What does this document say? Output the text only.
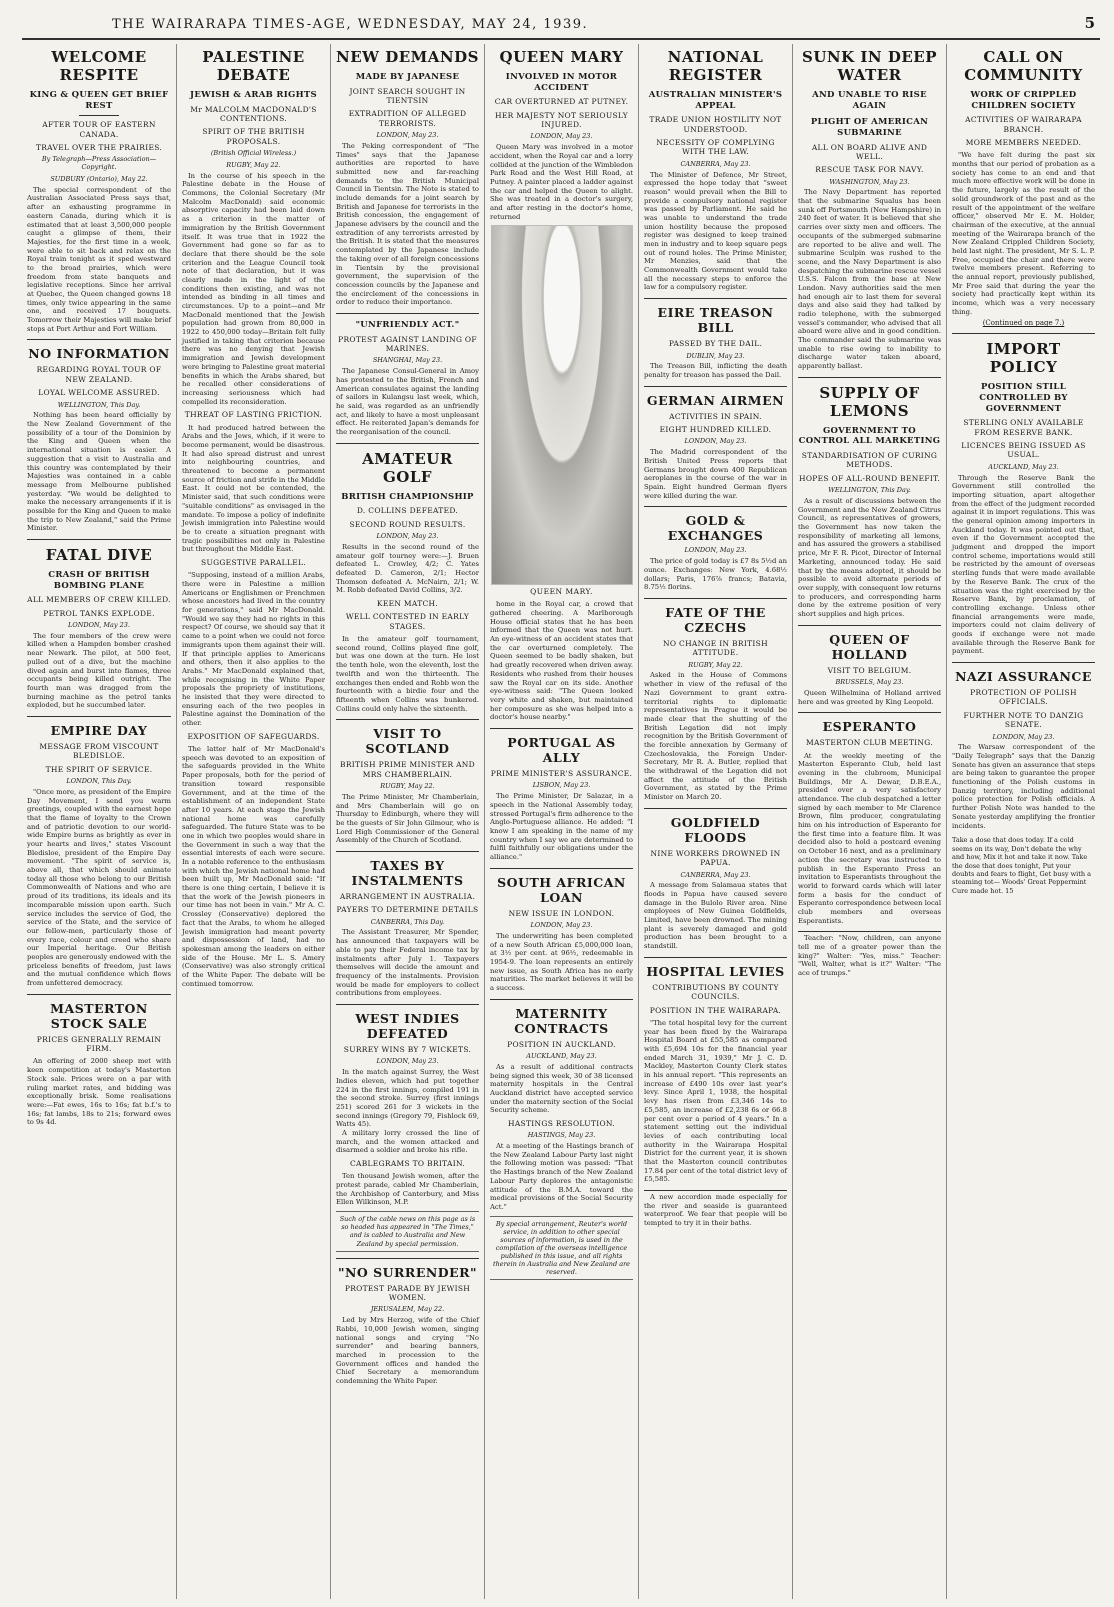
THE WAIRARAPA TIMES-AGE, WEDNESDAY, MAY 24, 1939.	5
WELCOME RESPITE
KING & QUEEN GET BRIEF REST
AFTER TOUR OF EASTERN CANADA.
TRAVEL OVER THE PRAIRIES.
By Telegraph—Press Association—Copyright.
SUDBURY (Ontario), May 22.

The special correspondent of the Australian Associated Press says that, after an exhausting programme in eastern Canada, during which it is estimated that at least 3,500,000 people caught a glimpse of them, their Majesties, for the first time in a week, were able to sit back and relax on the Royal train tonight as it sped westward to the broad prairies, which were freedom from state banquets and legislative receptions. Since her arrival at Quebec, the Queen changed gowns 18 times, only twice appearing in the same one, and received 17 bouquets. Tomorrow their Majesties will make brief stops at Port Arthur and Fort William.

NO INFORMATION
REGARDING ROYAL TOUR OF NEW ZEALAND.
LOYAL WELCOME ASSURED.
WELLINGTON, This Day.

Nothing has been heard officially by the New Zealand Government of the possibility of a tour of the Dominion by the King and Queen when the international situation is easier. A suggestion that a visit to Australia and this country was contemplated by their Majesties was contained in a cable message from Melbourne published yesterday. "We would be delighted to make the necessary arrangements if it is possible for the King and Queen to make the trip to New Zealand," said the Prime Minister.

FATAL DIVE
CRASH OF BRITISH BOMBING PLANE
ALL MEMBERS OF CREW KILLED.
PETROL TANKS EXPLODE.
LONDON, May 23.

The four members of the crew were killed when a Hampden bomber crashed near Newark. The pilot, at 500 feet, pulled out of a dive, but the machine dived again and burst into flames, three occupants being killed outright. The fourth man was dragged from the burning machine as the petrol tanks exploded, but he succumbed later.

EMPIRE DAY
MESSAGE FROM VISCOUNT BLEDISLOE.
THE SPIRIT OF SERVICE.
LONDON, This Day.

"Once more, as president of the Empire Day Movement, I send you warm greetings, coupled with the earnest hope that the flame of loyalty to the Crown and of patriotic devotion to our world-wide Empire burns as brightly as ever in your hearts and lives," states Viscount Bledisloe, president of the Empire Day movement. "The spirit of service is, above all, that which should animate today all those who belong to our British Commonwealth of Nations and who are proud of its traditions, its ideals and its incomparable mission upon earth. Such service includes the service of God, the service of the State, and the service of our fellow-men, particularly those of every race, colour and creed who share our Imperial heritage. Our British peoples are generously endowed with the priceless benefits of freedom, just laws and the mutual confidence which flows from unfettered democracy.

MASTERTON STOCK SALE
PRICES GENERALLY REMAIN FIRM.

An offering of 2000 sheep met with keen competition at today's Masterton Stock sale. Prices were on a par with ruling market rates, and bidding was exceptionally brisk. Some realisations were:—Fat ewes, 16s to 16s; fat b.f.'s to 16s; fat lambs, 18s to 21s; forward ewes to 9s 4d.

PALESTINE DEBATE
JEWISH & ARAB RIGHTS
Mr MALCOLM MACDONALD'S CONTENTIONS.
SPIRIT OF THE BRITISH PROPOSALS.
(British Official Wireless.)
RUGBY, May 22.

In the course of his speech in the Palestine debate in the House of Commons, the Colonial Secretary (Mr Malcolm MacDonald) said economic absorptive capacity had been laid down as a criterion in the matter of immigration by the British Government itself. It was true that in 1922 the Government had gone so far as to declare that there should be the sole criterion and the League Council took note of that declaration, but it was clearly made in the light of the conditions then existing, and was not intended as binding in all times and circumstances. Up to a point—and Mr MacDonald mentioned that the Jewish population had grown from 80,000 in 1922 to 450,000 today—Britain felt fully justified in taking that criterion because there was no denying that Jewish immigration and Jewish development were bringing to Palestine great material benefits in which the Arabs shared, but he recalled other considerations of increasing seriousness which had compelled its reconsideration.

THREAT OF LASTING FRICTION.

It had produced hatred between the Arabs and the Jews, which, if it were to become permanent, would be disastrous. It had also spread distrust and unrest into neighbouring countries, and threatened to become a permanent source of friction and strife in the Middle East. It could not be contended, the Minister said, that such conditions were "suitable conditions" as envisaged in the mandate. To impose a policy of indefinite Jewish immigration into Palestine would be to create a situation pregnant with tragic possibilities not only in Palestine but throughout the Middle East.

SUGGESTIVE PARALLEL.

"Supposing, instead of a million Arabs, there were in Palestine a million Americans or Englishmen or Frenchmen whose ancestors had lived in the country for generations," said Mr MacDonald. "Would we say they had no rights in this respect? Of course, we should say that it came to a point when we could not force immigrants upon them against their will. If that principle applies to Americans and others, then it also applies to the Arabs." Mr MacDonald explained that, while recognising in the White Paper proposals the propriety of institutions, he insisted that they were directed to ensuring each of the two peoples in Palestine against the Domination of the other.

EXPOSITION OF SAFEGUARDS.

The latter half of Mr MacDonald's speech was devoted to an exposition of the safeguards provided in the White Paper proposals, both for the period of transition toward responsible Government, and at the time of the establishment of an independent State after 10 years. At each stage the Jewish national home was carefully safeguarded. The future State was to be one in which two peoples would share in the Government in such a way that the essential interests of each were secure. In a notable reference to the enthusiasm with which the Jewish national home had been built up, Mr MacDonald said: "If there is one thing certain, I believe it is that the work of the Jewish pioneers in our time has not been in vain." Mr A. C. Crossley (Conservative) deplored the fact that the Arabs, to whom he alleged Jewish immigration had meant poverty and dispossession of land, had no spokesman among the leaders on either side of the House. Mr L. S. Amery (Conservative) was also strongly critical of the White Paper. The debate will be continued tomorrow.

NEW DEMANDS
MADE BY JAPANESE
JOINT SEARCH SOUGHT IN TIENTSIN
EXTRADITION OF ALLEGED TERRORISTS.
LONDON, May 23.

The Peking correspondent of "The Times" says that the Japanese authorities are reported to have submitted new and far-reaching demands to the British Municipal Council in Tientsin. The Note is stated to include demands for a joint search by British and Japanese for terrorists in the British concession, the engagement of Japanese advisers by the council and the extradition of any terrorists arrested by the British. It is stated that the measures contemplated by the Japanese include the taking over of all foreign concessions in Tientsin by the provisional government, the supervision of the concession councils by the Japanese and the encirclement of the concessions in order to reduce their importance.

"UNFRIENDLY ACT."
PROTEST AGAINST LANDING OF MARINES.
SHANGHAI, May 23.

The Japanese Consul-General in Amoy has protested to the British, French and American consulates against the landing of sailors in Kulangsu last week, which, he said, was regarded as an unfriendly act, and likely to have a most unpleasant effect. He reiterated Japan's demands for the reorganisation of the council.

AMATEUR GOLF
BRITISH CHAMPIONSHIP
D. COLLINS DEFEATED.
SECOND ROUND RESULTS.
LONDON, May 23.

Results in the second round of the amateur golf tourney were:—J. Bruen defeated L. Crowley, 4/2; C. Yates defeated D. Cameron, 2/1; Hector Thomson defeated A. McNairn, 2/1; W. M. Robb defeated David Collins, 3/2.

KEEN MATCH.
WELL CONTESTED IN EARLY STAGES.

In the amateur golf tournament, second round, Collins played fine golf, but was one down at the turn. He lost the tenth hole, won the eleventh, lost the twelfth and won the thirteenth. The exchanges then ended and Robb won the fourteenth with a birdie four and the fifteenth when Collins was bunkered. Collins could only halve the sixteenth.

VISIT TO SCOTLAND
BRITISH PRIME MINISTER AND MRS CHAMBERLAIN.
RUGBY, May 22.

The Prime Minister, Mr Chamberlain, and Mrs Chamberlain will go on Thursday to Edinburgh, where they will be the guests of Sir John Gilmour, who is Lord High Commissioner of the General Assembly of the Church of Scotland.

TAXES BY INSTALMENTS
ARRANGEMENT IN AUSTRALIA.
PAYERS TO DETERMINE DETAILS
CANBERRA, This Day.

The Assistant Treasurer, Mr Spender, has announced that taxpayers will be able to pay their Federal income tax by instalments after July 1. Taxpayers themselves will decide the amount and frequency of the instalments. Provision would be made for employers to collect contributions from employees.

WEST INDIES DEFEATED
SURREY WINS BY 7 WICKETS.
LONDON, May 23.

In the match against Surrey, the West Indies eleven, which had put together 224 in the first innings, compiled 191 in the second stroke. Surrey (first innings 251) scored 261 for 3 wickets in the second innings (Gregory 79, Fishlock 69, Watts 45).

A military lorry crossed the line of march, and the women attacked and disarmed a soldier and broke his rifle.

CABLEGRAMS TO BRITAIN.

Ten thousand Jewish women, after the protest parade, cabled Mr Chamberlain, the Archbishop of Canterbury, and Miss Ellen Wilkinson, M.P.

Such of the cable news on this page as is so headed has appeared in "The Times," and is cabled to Australia and New Zealand by special permission.
"NO SURRENDER"
PROTEST PARADE BY JEWISH WOMEN.
JERUSALEM, May 22.

Led by Mrs Herzog, wife of the Chief Rabbi, 10,000 Jewish women, singing national songs and crying "No surrender" and bearing banners, marched in procession to the Government offices and handed the Chief Secretary a memorandum condemning the White Paper.

QUEEN MARY
INVOLVED IN MOTOR ACCIDENT
CAR OVERTURNED AT PUTNEY.
HER MAJESTY NOT SERIOUSLY INJURED.
LONDON, May 23.

Queen Mary was involved in a motor accident, when the Royal car and a lorry collided at the junction of the Wimbledon Park Road and the West Hill Road, at Putney. A painter placed a ladder against the car and helped the Queen to alight. She was treated in a doctor's surgery, and after resting in the doctor's home, returned

QUEEN MARY.

home in the Royal car, a crowd that gathered cheering. A Marlborough House official states that he has been informed that the Queen was not hurt. An eye-witness of an accident states that the car overturned completely. The Queen seemed to be badly shaken, but had greatly recovered when driven away. Residents who rushed from their houses saw the Royal car on its side. Another eye-witness said: "The Queen looked very white and shaken, but maintained her composure as she was helped into a doctor's house nearby."

PORTUGAL AS ALLY
PRIME MINISTER'S ASSURANCE.
LISBON, May 23.

The Prime Minister, Dr Salazar, in a speech in the National Assembly today, stressed Portugal's firm adherence to the Anglo-Portuguese alliance. He added: "I know I am speaking in the name of my country when I say we are determined to fulfil faithfully our obligations under the alliance."

SOUTH AFRICAN LOAN
NEW ISSUE IN LONDON.
LONDON, May 23.

The underwriting has been completed of a new South African £5,000,000 loan, at 3½ per cent. at 96½, redeemable in 1954-9. The loan represents an entirely new issue, as South Africa has no early maturities. The market believes it will be a success.

MATERNITY CONTRACTS
POSITION IN AUCKLAND.
AUCKLAND, May 23.

As a result of additional contracts being signed this week, 30 of 38 licensed maternity hospitals in the Central Auckland district have accepted service under the maternity section of the Social Security scheme.

HASTINGS RESOLUTION.
HASTINGS, May 23.

At a meeting of the Hastings branch of the New Zealand Labour Party last night the following motion was passed: "That the Hastings branch of the New Zealand Labour Party deplores the antagonistic attitude of the B.M.A. toward the medical provisions of the Social Security Act."

By special arrangement, Reuter's world service, in addition to other special sources of information, is used in the compilation of the overseas intelligence published in this issue, and all rights therein in Australia and New Zealand are reserved.
NATIONAL REGISTER
AUSTRALIAN MINISTER'S APPEAL
TRADE UNION HOSTILITY NOT UNDERSTOOD.
NECESSITY OF COMPLYING WITH THE LAW.
CANBERRA, May 23.

The Minister of Defence, Mr Street, expressed the hope today that "sweet reason" would prevail when the Bill to provide a compulsory national register was passed by Parliament. He said he was unable to understand the trade union hostility because the proposed register was designed to keep trained men in industry and to keep square pegs out of round holes. The Prime Minister, Mr Menzies, said that the Commonwealth Government would take all the necessary steps to enforce the law for a compulsory register.

EIRE TREASON BILL
PASSED BY THE DAIL.
DUBLIN, May 23.

The Treason Bill, inflicting the death penalty for treason has passed the Dail.

GERMAN AIRMEN
ACTIVITIES IN SPAIN.
EIGHT HUNDRED KILLED.
LONDON, May 23.

The Madrid correspondent of the British United Press reports that Germans brought down 400 Republican aeroplanes in the course of the war in Spain. Eight hundred German flyers were killed during the war.

GOLD & EXCHANGES
LONDON, May 23.

The price of gold today is £7 8s 5½d an ounce. Exchanges: New York, 4.68½ dollars; Paris, 176⅞ francs; Batavia, 8.75½ florins.

FATE OF THE CZECHS
NO CHANGE IN BRITISH ATTITUDE.
RUGBY, May 22.

Asked in the House of Commons whether in view of the refusal of the Nazi Government to grant extra-territorial rights to diplomatic representatives in Prague it would be made clear that the shutting of the British Legation did not imply recognition by the British Government of the forcible annexation by Germany of Czechoslovakia, the Foreign Under-Secretary, Mr R. A. Butler, replied that the withdrawal of the Legation did not affect the attitude of the British Government, as stated by the Prime Minister on March 20.

GOLDFIELD FLOODS
NINE WORKERS DROWNED IN PAPUA.
CANBERRA, May 23.

A message from Salamaua states that floods in Papua have caused severe damage in the Bulolo River area. Nine employees of New Guinea Goldfields, Limited, have been drowned. The mining plant is severely damaged and gold production has been brought to a standstill.

HOSPITAL LEVIES
CONTRIBUTIONS BY COUNTY COUNCILS.
POSITION IN THE WAIRARAPA.

"The total hospital levy for the current year has been fixed by the Wairarapa Hospital Board at £55,585 as compared with £5,694 10s for the financial year ended March 31, 1939," Mr J. C. D. Mackley, Masterton County Clerk states in his annual report. "This represents an increase of £490 10s over last year's levy. Since April 1, 1938, the hospital levy has risen from £3,346 14s to £5,585, an increase of £2,238 6s or 66.8 per cent over a period of 4 years." In a statement setting out the individual levies of each contributing local authority in the Wairarapa Hospital District for the current year, it is shown that the Masterton council contributes 17.84 per cent of the total district levy of £5,585.

A new accordion made especially for the river and seaside is guaranteed waterproof. We fear that people will be tempted to try it in their baths.

SUNK IN DEEP WATER
AND UNABLE TO RISE AGAIN
PLIGHT OF AMERICAN SUBMARINE
ALL ON BOARD ALIVE AND WELL.
RESCUE TASK FOR NAVY.
WASHINGTON, May 23.

The Navy Department has reported that the submarine Squalus has been sunk off Portsmouth (New Hampshire) in 240 feet of water. It is believed that she carries over sixty men and officers. The occupants of the submerged submarine are reported to be alive and well. The submarine Sculpin was rushed to the scene, and the Navy Department is also despatching the submarine rescue vessel U.S.S. Falcon from the base at New London. Navy authorities said the men had enough air to last them for several days and also said they had talked by radio telephone, with the submerged vessel's commander, who advised that all aboard were alive and in good condition. The commander said the submarine was unable to rise owing to inability to discharge water taken aboard, apparently ballast.

SUPPLY OF LEMONS
GOVERNMENT TO CONTROL ALL MARKETING
STANDARDISATION OF CURING METHODS.
HOPES OF ALL-ROUND BENEFIT.
WELLINGTON, This Day.

As a result of discussions between the Government and the New Zealand Citrus Council, as representatives of growers, the Government has now taken the responsibility of marketing all lemons, and has assured the growers a stabilised price, Mr F. R. Picot, Director of Internal Marketing, announced today. He said that by the means adopted, it should be possible to avoid alternate periods of over supply, with consequent low returns to producers, and corresponding harm done by the extreme position of very short supplies and high prices.

QUEEN OF HOLLAND
VISIT TO BELGIUM.
BRUSSELS, May 23.

Queen Wilhelmina of Holland arrived here and was greeted by King Leopold.

ESPERANTO
MASTERTON CLUB MEETING.

At the weekly meeting of the Masterton Esperanto Club, held last evening in the clubroom, Municipal Buildings, Mr A. Dewar, D.B.E.A., presided over a very satisfactory attendance. The club despatched a letter signed by each member to Mr Clarence Brown, film producer, congratulating him on his introduction of Esperanto for the first time into a feature film. It was decided also to hold a postcard evening on October 16 next, and as a preliminary action the secretary was instructed to publish in the Esperanto Press an invitation to Esperantists throughout the world to forward cards which will later form a basis for the conduct of Esperanto correspondence between local club members and overseas Esperantists.

Teacher: "Now, children, can anyone tell me of a greater power than the king?" Walter: "Yes, miss." Teacher: "Well, Walter, what is it?" Walter: "The ace of trumps."

CALL ON COMMUNITY
WORK OF CRIPPLED CHILDREN SOCIETY
ACTIVITIES OF WAIRARAPA BRANCH.
MORE MEMBERS NEEDED.

"We have felt during the past six months that our period of probation as a society has come to an end and that much more effective work will be done in the future, largely as the result of the solid groundwork of the past and as the result of the appointment of the welfare officer," observed Mr E. M. Holder, chairman of the executive, at the annual meeting of the Wairarapa branch of the New Zealand Crippled Children Society, held last night. The president, Mr S. L. P. Free, occupied the chair and there were twelve members present. Referring to the annual report, previously published, Mr Free said that during the year the society had practically kept within its income, which was a very necessary thing.

(Continued on page 7.)
IMPORT POLICY
POSITION STILL CONTROLLED BY GOVERNMENT
STERLING ONLY AVAILABLE FROM RESERVE BANK.
LICENCES BEING ISSUED AS USUAL.
AUCKLAND, May 23.

Through the Reserve Bank the Government still controlled the importing situation, apart altogether from the effect of the judgment recorded against it in import regulations. This was the general opinion among importers in Auckland today. It was pointed out that, even if the Government accepted the judgment and dropped the import control scheme, importations would still be restricted by the amount of overseas sterling funds that were made available by the Reserve Bank. The crux of the situation was the right exercised by the Reserve Bank, by proclamation, of controlling exchange. Unless other financial arrangements were made, importers could not claim delivery of goods if exchange were not made available through the Reserve Bank for payment.

NAZI ASSURANCE
PROTECTION OF POLISH OFFICIALS.
FURTHER NOTE TO DANZIG SENATE.
LONDON, May 23.

The Warsaw correspondent of the "Daily Telegraph" says that the Danzig Senate has given an assurance that steps are being taken to guarantee the proper functioning of the Polish customs in Danzig territory, including additional police protection for Polish officials. A further Polish Note was handed to the Senate yesterday amplifying the frontier incidents.

Take a dose that does today. If a cold seems on its way, Don't debate the why and how, Mix it hot and take it now. Take the dose that does tonight, Put your doubts and fears to flight, Get busy with a steaming tot— Woods' Great Peppermint Cure made hot. 15
